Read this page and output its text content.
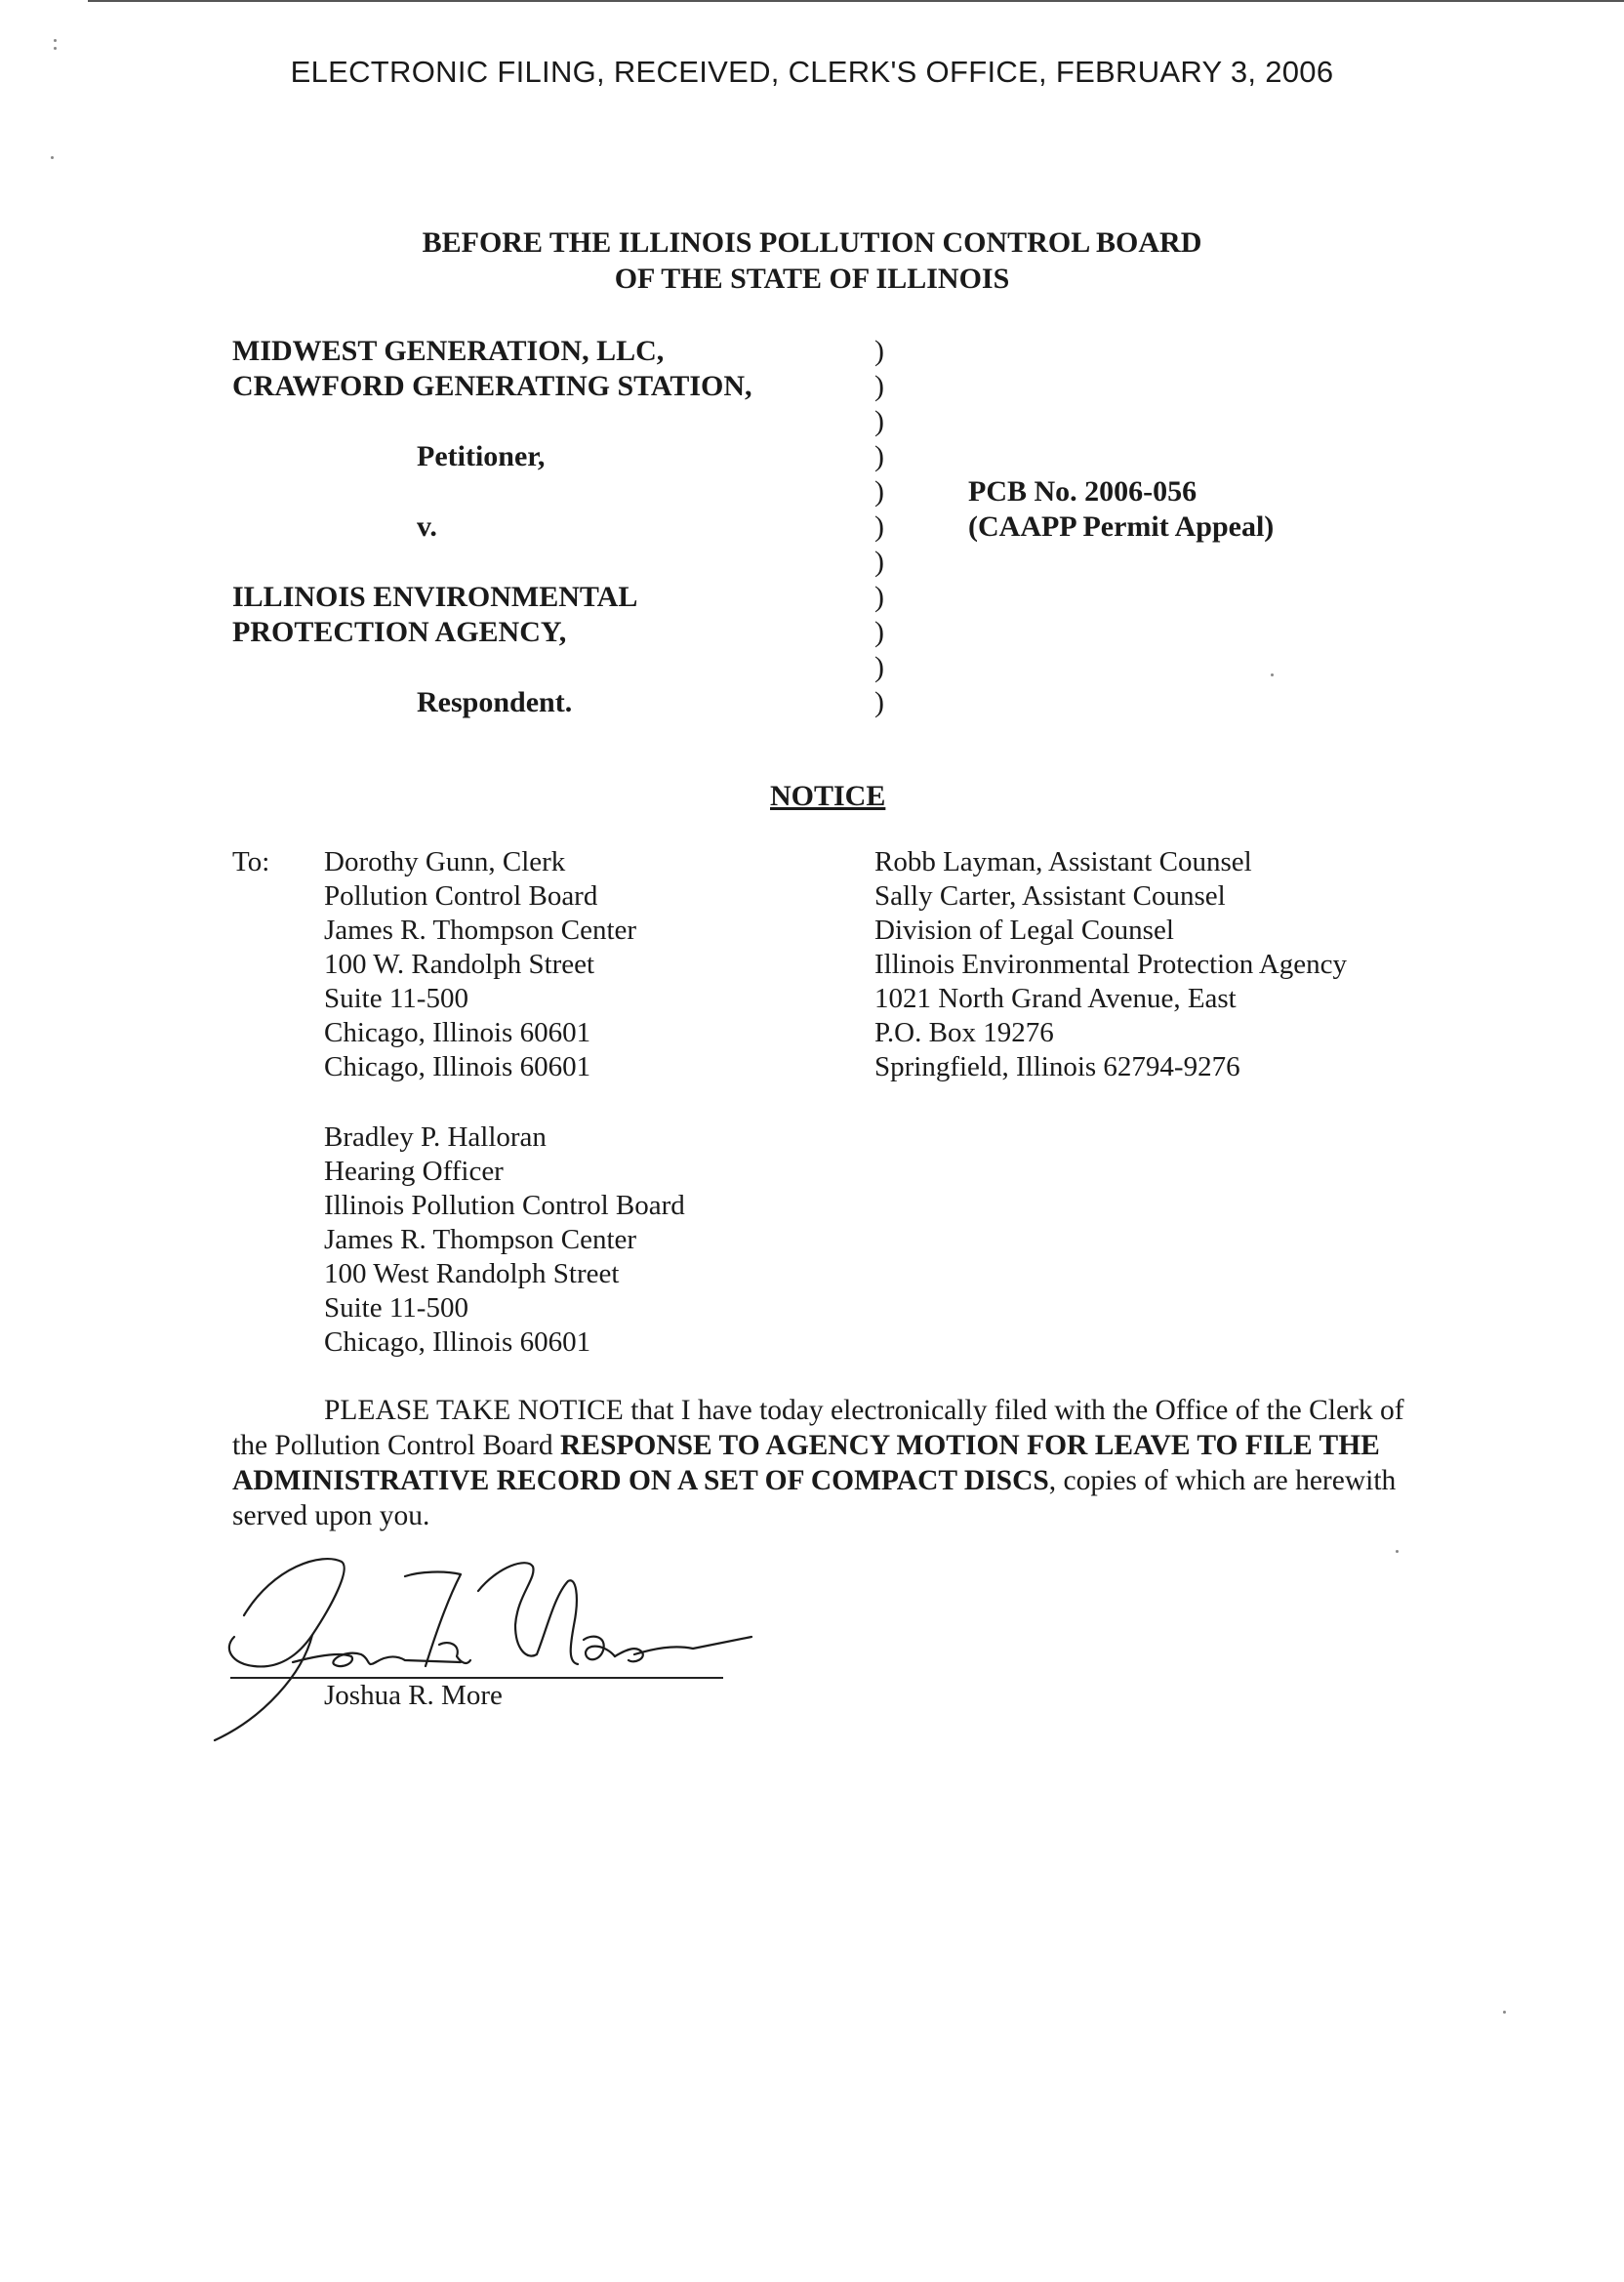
ELECTRONIC FILING, RECEIVED, CLERK'S OFFICE, FEBRUARY 3, 2006
BEFORE THE ILLINOIS POLLUTION CONTROL BOARD
OF THE STATE OF ILLINOIS
MIDWEST GENERATION, LLC,
CRAWFORD GENERATING STATION,
Petitioner,
v.
ILLINOIS ENVIRONMENTAL
PROTECTION AGENCY,
Respondent.
)
)
)
)
)
)
)
)
)
)
)
PCB No. 2006-056
(CAAPP Permit Appeal)
NOTICE
To: Dorothy Gunn, Clerk
Pollution Control Board
James R. Thompson Center
100 W. Randolph Street
Suite 11-500
Chicago, Illinois 60601
Chicago, Illinois 60601
Robb Layman, Assistant Counsel
Sally Carter, Assistant Counsel
Division of Legal Counsel
Illinois Environmental Protection Agency
1021 North Grand Avenue, East
P.O. Box 19276
Springfield, Illinois 62794-9276
Bradley P. Halloran
Hearing Officer
Illinois Pollution Control Board
James R. Thompson Center
100 West Randolph Street
Suite 11-500
Chicago, Illinois 60601
PLEASE TAKE NOTICE that I have today electronically filed with the Office of the Clerk of the Pollution Control Board RESPONSE TO AGENCY MOTION FOR LEAVE TO FILE THE ADMINISTRATIVE RECORD ON A SET OF COMPACT DISCS, copies of which are herewith served upon you.
Joshua R. More
